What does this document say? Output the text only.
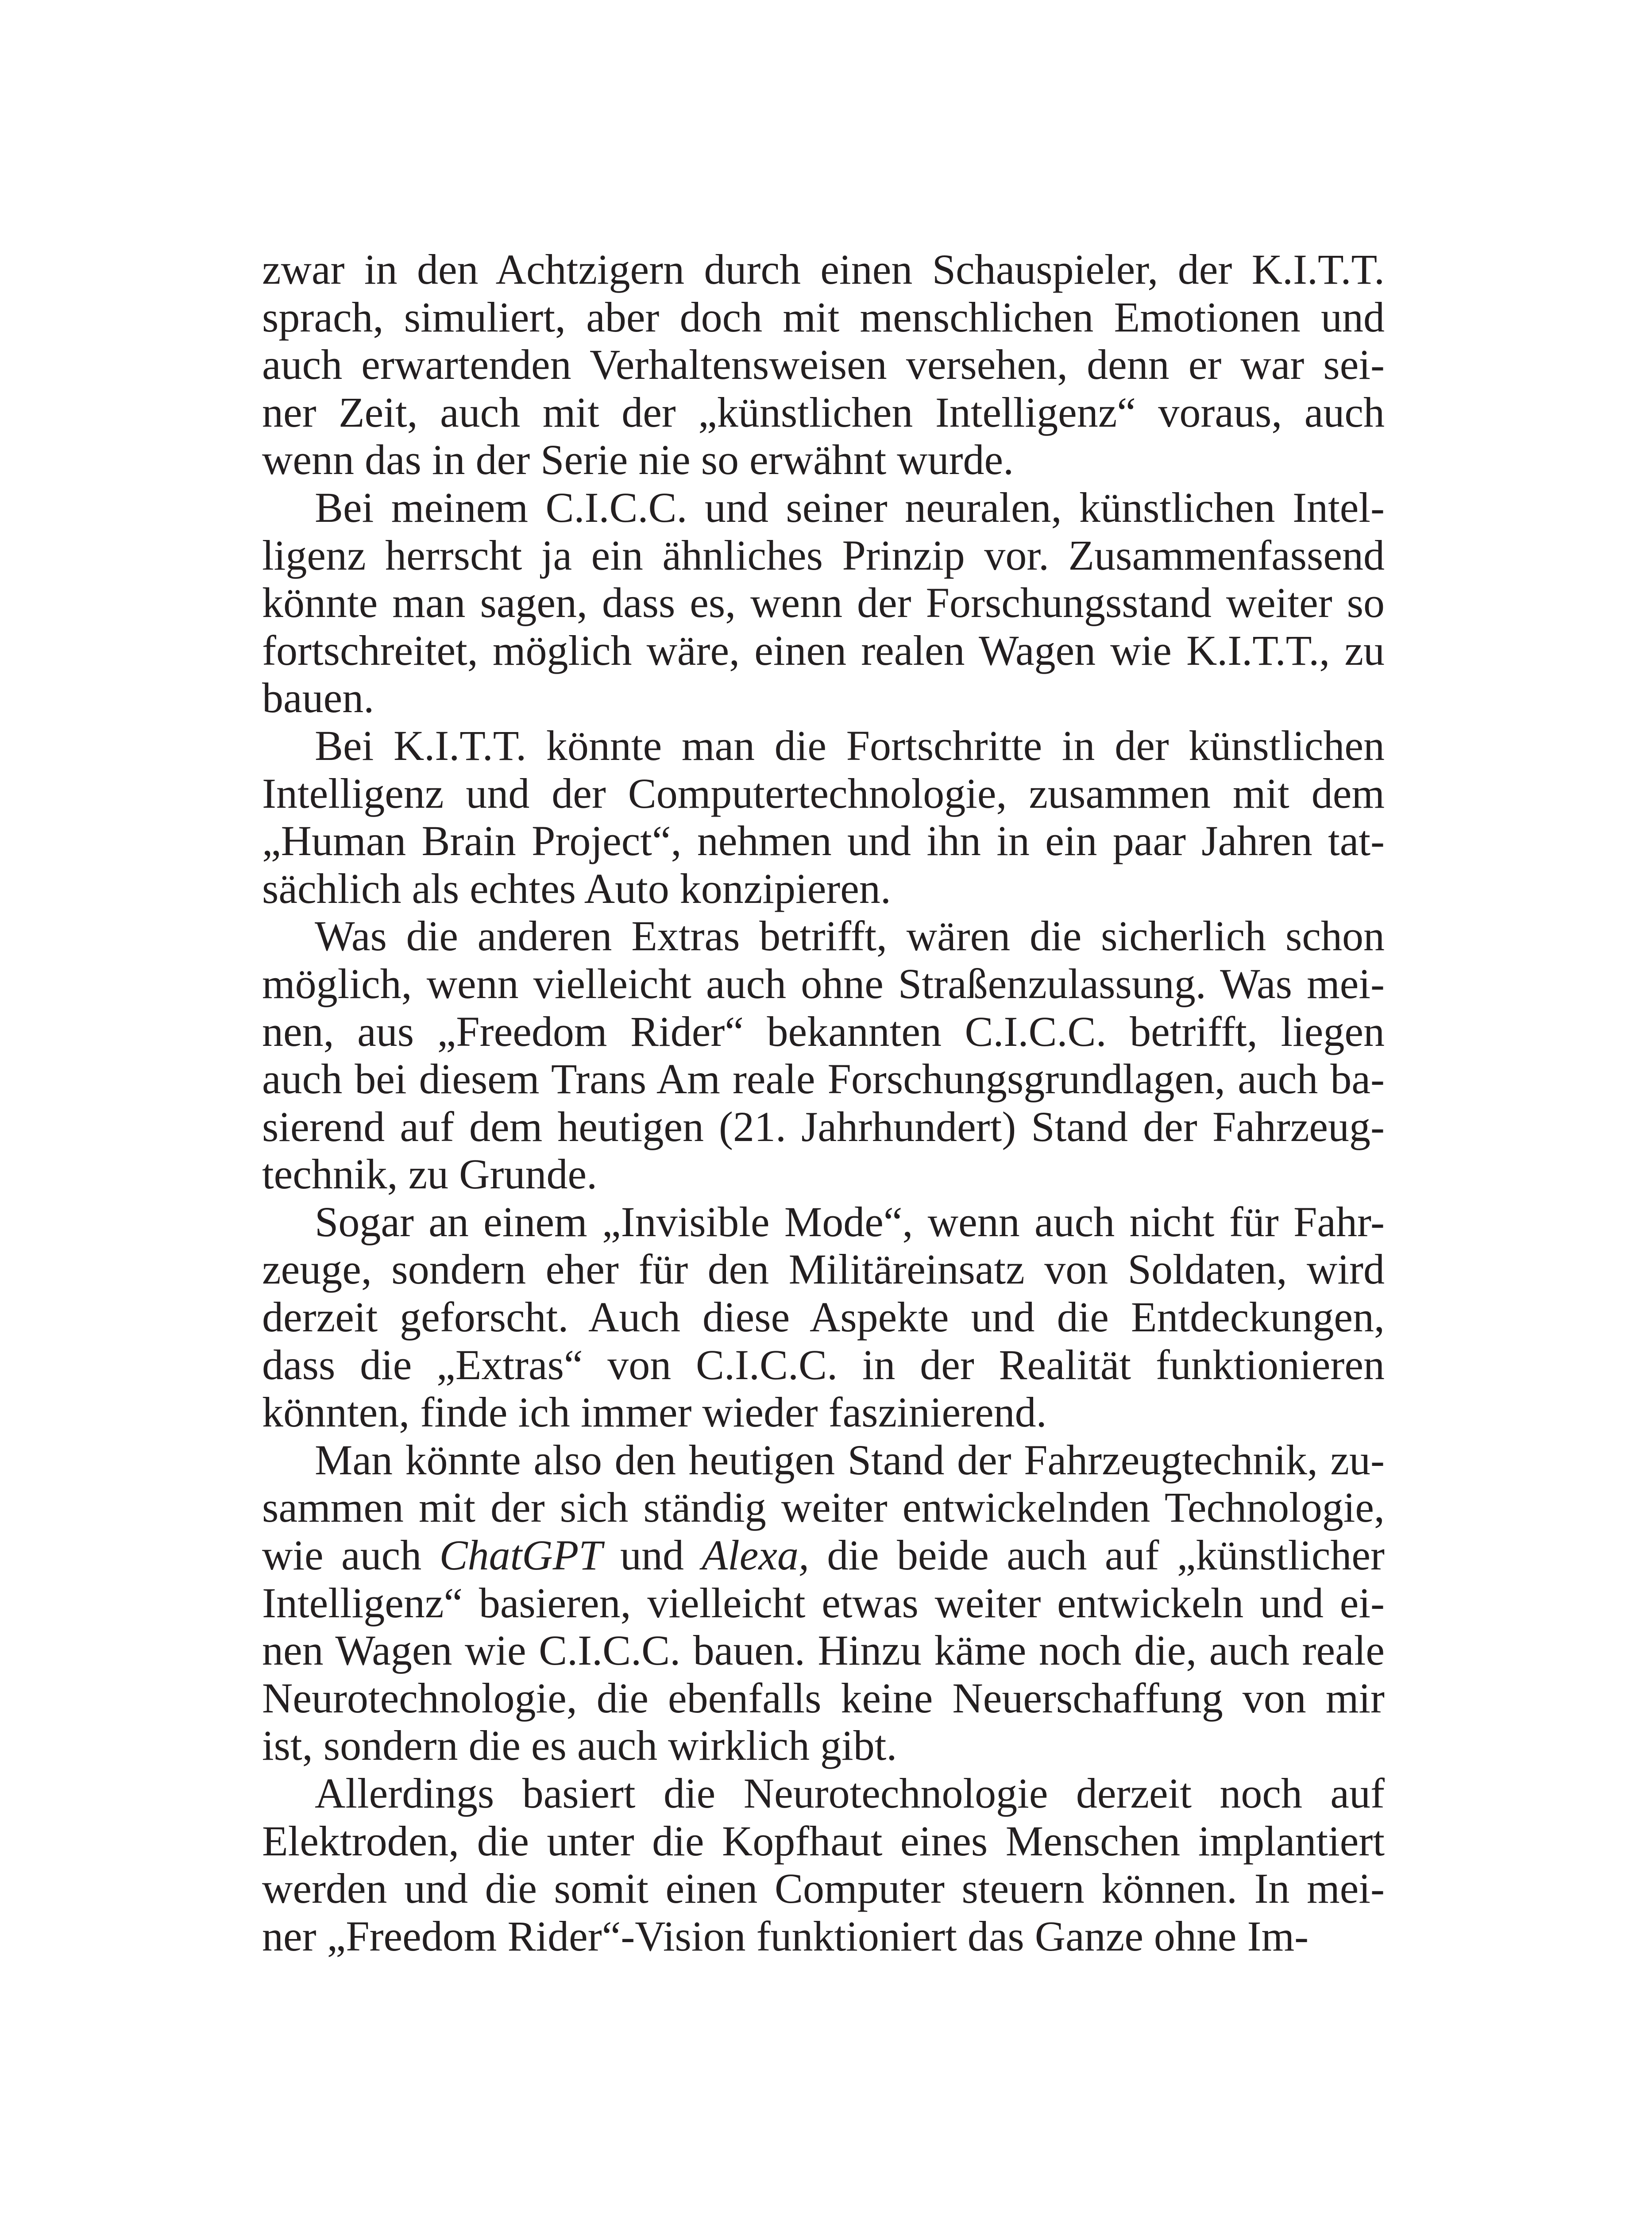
zwar in den Achtzigern durch einen Schauspieler, der K.I.T.T.
sprach, simuliert, aber doch mit menschlichen Emotionen und
auch erwartenden Verhaltensweisen versehen, denn er war sei-
ner Zeit, auch mit der „künstlichen Intelligenz“ voraus, auch
wenn das in der Serie nie so erwähnt wurde.
Bei meinem C.I.C.C. und seiner neuralen, künstlichen Intel-
ligenz herrscht ja ein ähnliches Prinzip vor. Zusammenfassend
könnte man sagen, dass es, wenn der Forschungsstand weiter so
fortschreitet, möglich wäre, einen realen Wagen wie K.I.T.T., zu
bauen.
Bei K.I.T.T. könnte man die Fortschritte in der künstlichen
Intelligenz und der Computertechnologie, zusammen mit dem
„Human Brain Project“, nehmen und ihn in ein paar Jahren tat-
sächlich als echtes Auto konzipieren.
Was die anderen Extras betrifft, wären die sicherlich schon
möglich, wenn vielleicht auch ohne Straßenzulassung. Was mei-
nen, aus „Freedom Rider“ bekannten C.I.C.C. betrifft, liegen
auch bei diesem Trans Am reale Forschungsgrundlagen, auch ba-
sierend auf dem heutigen (21. Jahrhundert) Stand der Fahrzeug-
technik, zu Grunde.
Sogar an einem „Invisible Mode“, wenn auch nicht für Fahr-
zeuge, sondern eher für den Militäreinsatz von Soldaten, wird
derzeit geforscht. Auch diese Aspekte und die Entdeckungen,
dass die „Extras“ von C.I.C.C. in der Realität funktionieren
könnten, finde ich immer wieder faszinierend.
Man könnte also den heutigen Stand der Fahrzeugtechnik, zu-
sammen mit der sich ständig weiter entwickelnden Technologie,
wie auch ChatGPT und Alexa, die beide auch auf „künstlicher
Intelligenz“ basieren, vielleicht etwas weiter entwickeln und ei-
nen Wagen wie C.I.C.C. bauen. Hinzu käme noch die, auch reale
Neurotechnologie, die ebenfalls keine Neuerschaffung von mir
ist, sondern die es auch wirklich gibt.
Allerdings basiert die Neurotechnologie derzeit noch auf
Elektroden, die unter die Kopfhaut eines Menschen implantiert
werden und die somit einen Computer steuern können. In mei-
ner „Freedom Rider“-Vision funktioniert das Ganze ohne Im-
